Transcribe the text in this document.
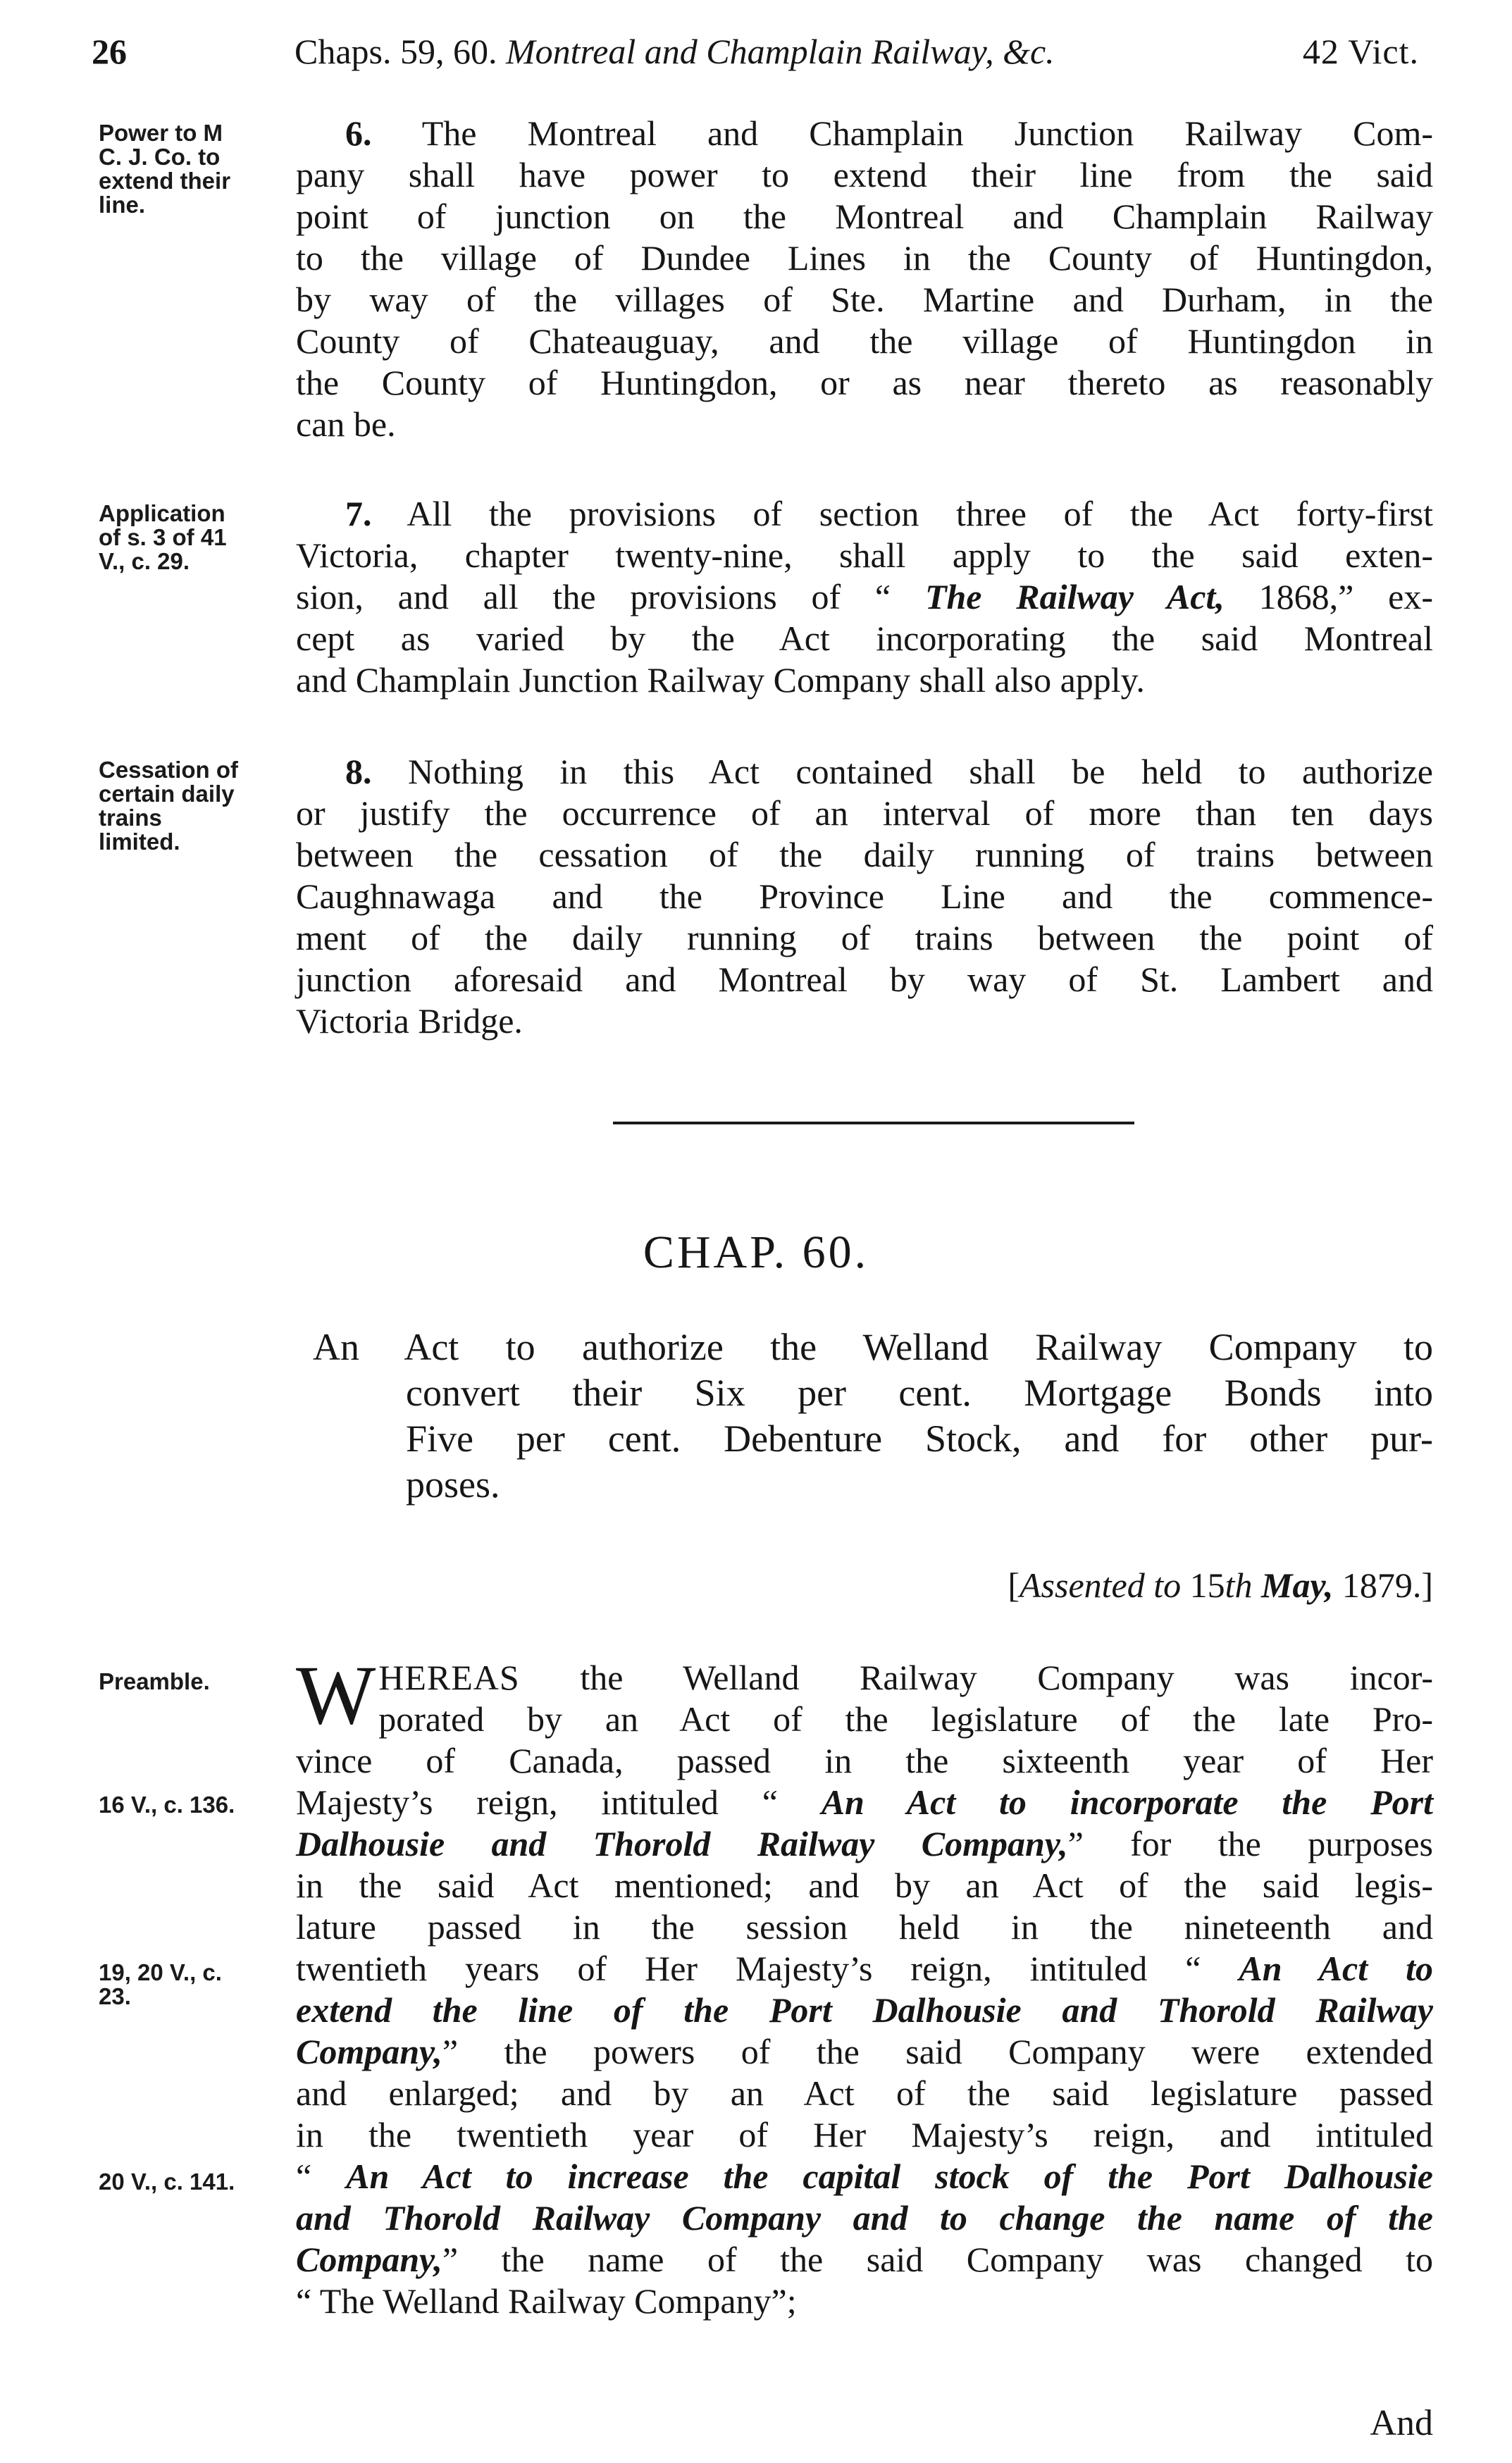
26	Chaps. 59, 60. Montreal and Champlain Railway, &c.	42 Vict.
Power to M
C. J. Co. to
extend their
line.
6. The Montreal and Champlain Junction Railway Com-
pany shall have power to extend their line from the said
point of junction on the Montreal and Champlain Railway
to the village of Dundee Lines in the County of Huntingdon,
by way of the villages of Ste. Martine and Durham, in the
County of Chateauguay, and the village of Huntingdon in
the County of Huntingdon, or as near thereto as reasonably
can be.
Application
of s. 3 of 41
V., c. 29.
7. All the provisions of section three of the Act forty-first
Victoria, chapter twenty-nine, shall apply to the said exten-
sion, and all the provisions of “ The Railway Act, 1868,” ex-
cept as varied by the Act incorporating the said Montreal
and Champlain Junction Railway Company shall also apply.
Cessation of
certain daily
trains
limited.
8. Nothing in this Act contained shall be held to authorize
or justify the occurrence of an interval of more than ten days
between the cessation of the daily running of trains between
Caughnawaga and the Province Line and the commence-
ment of the daily running of trains between the point of
junction aforesaid and Montreal by way of St. Lambert and
Victoria Bridge.
CHAP. 60.
An Act to authorize the Welland Railway Company to
convert their Six per cent. Mortgage Bonds into
Five per cent. Debenture Stock, and for other pur-
poses.
[Assented to 15th May, 1879.]
Preamble.
16 V., c. 136.
19, 20 V., c.
23.
20 V., c. 141.
W HEREAS the Welland Railway Company was incor-
porated by an Act of the legislature of the late Pro-
vince of Canada, passed in the sixteenth year of Her
Majesty’s reign, intituled “ An Act to incorporate the Port
Dalhousie and Thorold Railway Company,” for the purposes
in the said Act mentioned; and by an Act of the said legis-
lature passed in the session held in the nineteenth and
twentieth years of Her Majesty’s reign, intituled “ An Act to
extend the line of the Port Dalhousie and Thorold Railway
Company,” the powers of the said Company were extended
and enlarged; and by an Act of the said legislature passed
in the twentieth year of Her Majesty’s reign, and intituled
“ An Act to increase the capital stock of the Port Dalhousie
and Thorold Railway Company and to change the name of the
Company,” the name of the said Company was changed to
“ The Welland Railway Company”;
And
